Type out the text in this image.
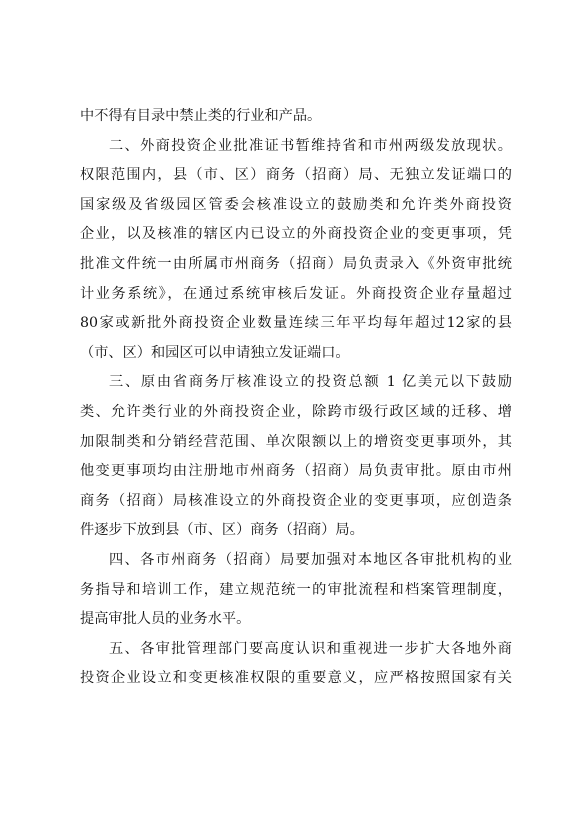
中不得有目录中禁止类的行业和产品。
二、外商投资企业批准证书暂维持省和市州两级发放现状。
权限范围内，县（市、区）商务（招商）局、无独立发证端口的
国家级及省级园区管委会核准设立的鼓励类和允许类外商投资
企业，以及核准的辖区内已设立的外商投资企业的变更事项，凭
批准文件统一由所属市州商务（招商）局负责录入《外资审批统
计业务系统》，在通过系统审核后发证。外商投资企业存量超过
80家或新批外商投资企业数量连续三年平均每年超过12家的县
（市、区）和园区可以申请独立发证端口。
三、原由省商务厅核准设立的投资总额 1 亿美元以下鼓励
类、允许类行业的外商投资企业，除跨市级行政区域的迁移、增
加限制类和分销经营范围、单次限额以上的增资变更事项外，其
他变更事项均由注册地市州商务（招商）局负责审批。原由市州
商务（招商）局核准设立的外商投资企业的变更事项，应创造条
件逐步下放到县（市、区）商务（招商）局。
四、各市州商务（招商）局要加强对本地区各审批机构的业
务指导和培训工作，建立规范统一的审批流程和档案管理制度，
提高审批人员的业务水平。
五、各审批管理部门要高度认识和重视进一步扩大各地外商
投资企业设立和变更核准权限的重要意义，应严格按照国家有关
